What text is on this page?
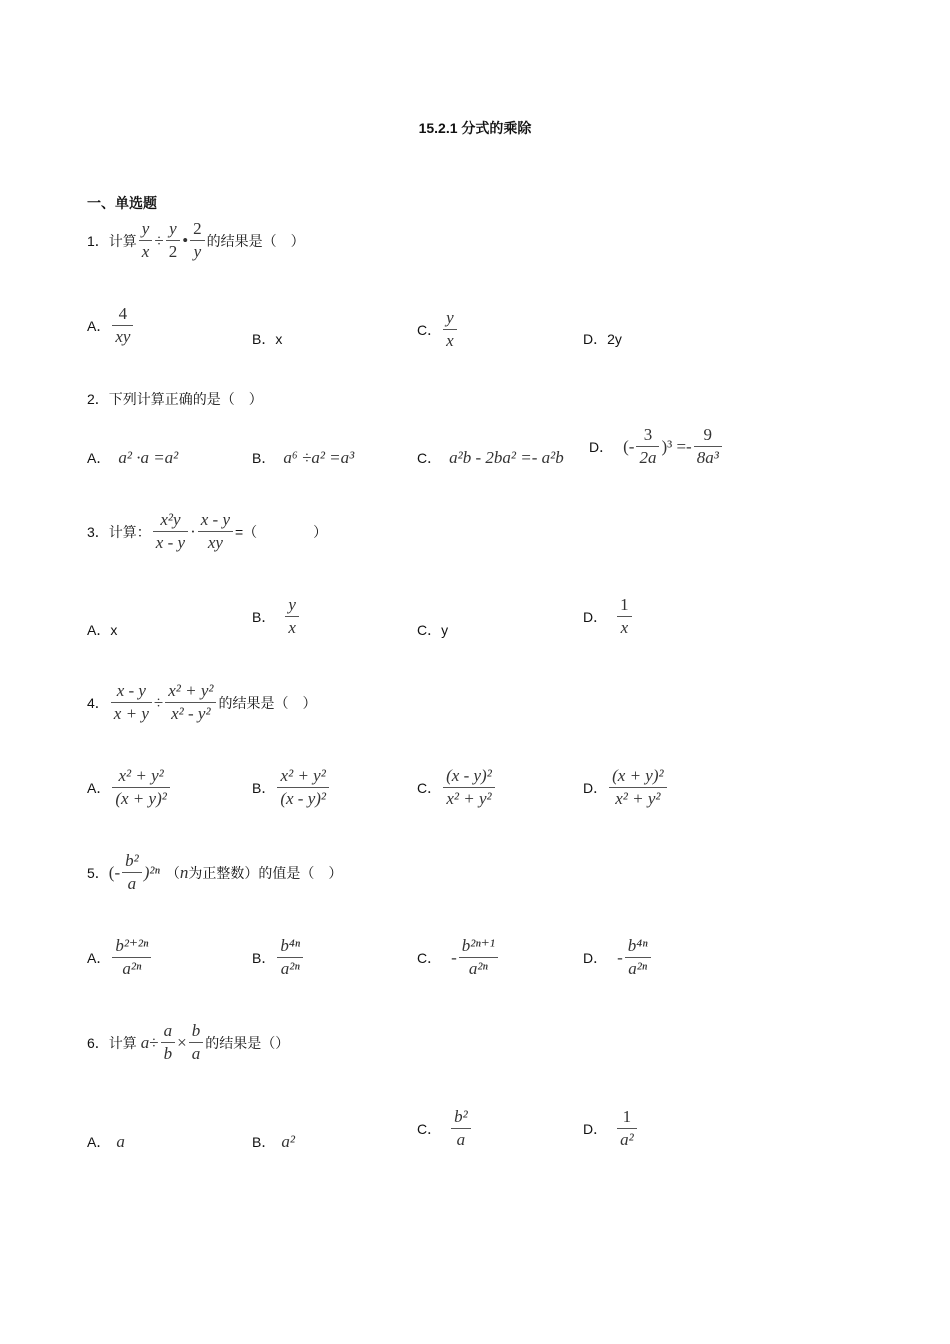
15.2.1 分式的乘除
一、单选题
1． 计算 $\frac{y}{x} \div \frac{y}{2}$ • $\frac{2}{y}$ 的结果是（　）
A． $\frac{4}{xy}$	B． x
C． $\frac{y}{x}$	D． 2y
2．下列计算正确的是（　）
A． a² ·a =a²	B． a⁶ ÷a² =a³	C． a²b - 2ba² =- a²b
D． (- $\frac{3}{2a} )^3 =- \frac{9}{\text{8a³}}$
3． 计算： $\frac{\text{x²y}}{x - y} \cdot \frac{x - y}{xy}$ =（　　　　）
A． x
B． $\frac{y}{x}$	C． y
D． $\frac{1}{x}$
4． $\frac{x - y}{x + y} \div \frac{\text{x² + y²}}{\text{x² - y²}}$ 的结果是（　）
A． $\frac{\text{x² + y²}}{\text{(x + y)²}}$	B． $\frac{\text{x² + y²}}{\text{(x - y)²}}$	C． $\frac{\text{(x - y)²}}{\text{x² + y²}}$	D． $\frac{\text{(x + y)²}}{\text{x² + y²}}$
5． (- $\frac{\text{b²}}{a} )^{2n}$ （ n 为正整数）的值是（　）
A． $\frac{\text{b²⁺²ⁿ}}{\text{a²ⁿ}}$	B． $\frac{\text{b⁴ⁿ}}{\text{a²ⁿ}}$	C． - $\frac{\text{b²ⁿ⁺¹}}{\text{a²ⁿ}}$	D． - $\frac{\text{b⁴ⁿ}}{\text{a²ⁿ}}$
6． 计算 $a \div \frac{a}{b} \times \frac{b}{a}$ 的结果是（）
A． a	B． a²
C． $\frac{\text{b²}}{a}$	D． $\frac{1}{\text{a²}}$
